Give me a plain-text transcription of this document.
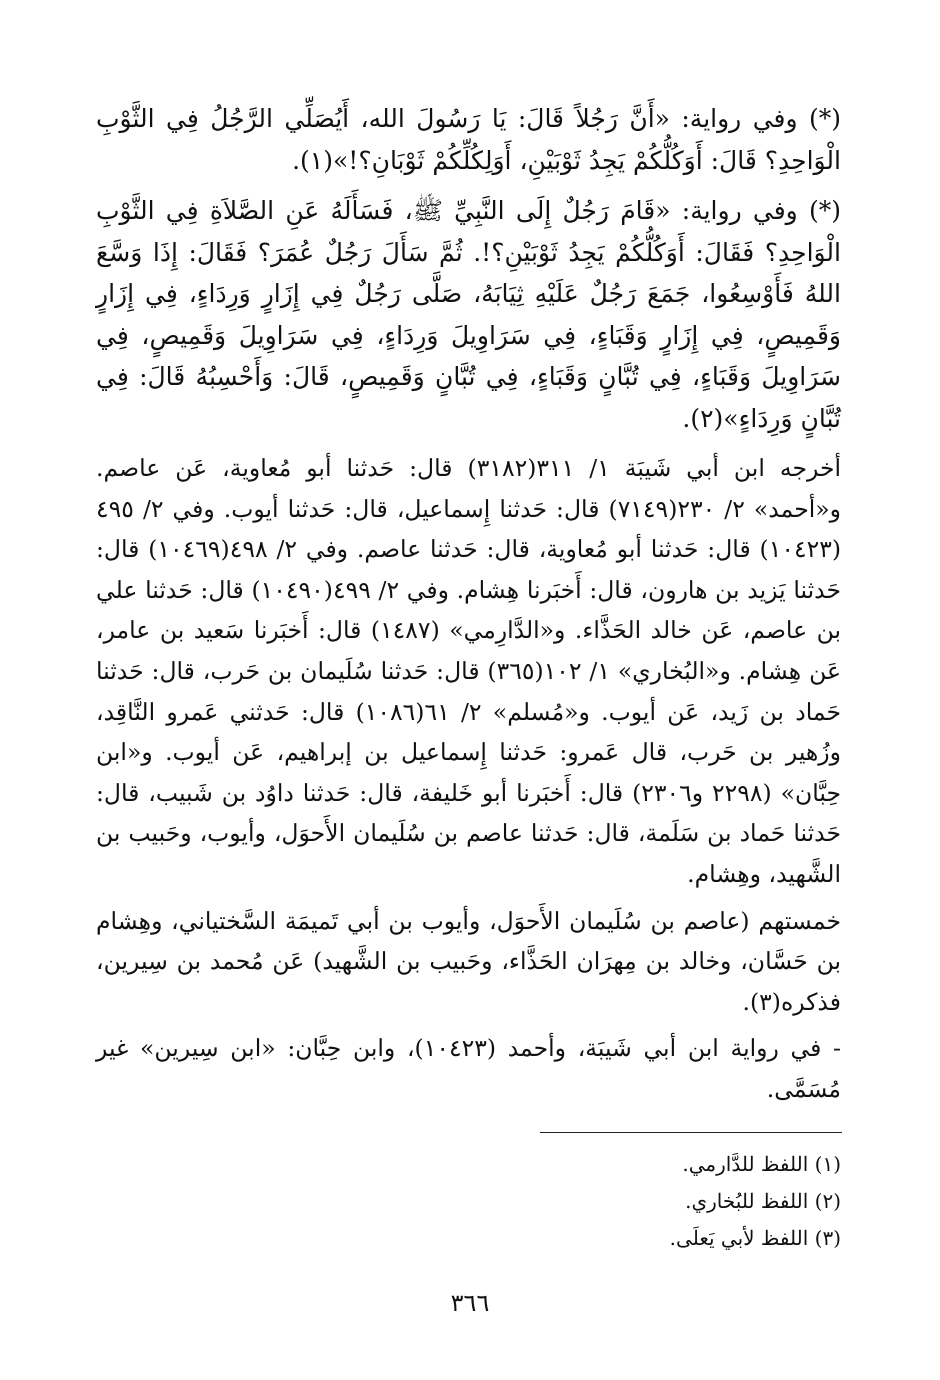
(*) وفي رواية: «أَنَّ رَجُلاً قَالَ: يَا رَسُولَ الله، أَيُصَلِّي الرَّجُلُ فِي الثَّوْبِ الْوَاحِدِ؟ قَالَ: أَوَكُلُّكُمْ يَجِدُ ثَوْبَيْنِ، أَوَلِكُلِّكُمْ ثَوْبَانِ؟!»(١).

(*) وفي رواية: «قَامَ رَجُلٌ إِلَى النَّبِيِّ ﷺ، فَسَأَلَهُ عَنِ الصَّلاَةِ فِي الثَّوْبِ الْوَاحِدِ؟ فَقَالَ: أَوَكُلُّكُمْ يَجِدُ ثَوْبَيْنِ؟!. ثُمَّ سَأَلَ رَجُلٌ عُمَرَ؟ فَقَالَ: إِذَا وَسَّعَ اللهُ فَأَوْسِعُوا، جَمَعَ رَجُلٌ عَلَيْهِ ثِيَابَهُ، صَلَّى رَجُلٌ فِي إِزَارٍ وَرِدَاءٍ، فِي إِزَارٍ وَقَمِيصٍ، فِي إِزَارٍ وَقَبَاءٍ، فِي سَرَاوِيلَ وَرِدَاءٍ، فِي سَرَاوِيلَ وَقَمِيصٍ، فِي سَرَاوِيلَ وَقَبَاءٍ، فِي تُبَّانٍ وَقَبَاءٍ، فِي تُبَّانٍ وَقَمِيصٍ، قَالَ: وَأَحْسِبُهُ قَالَ: فِي تُبَّانٍ وَرِدَاءٍ»(٢).

أخرجه ابن أبي شَيبَة ١/ ٣١١(٣١٨٢) قال: حَدثنا أبو مُعاوية، عَن عاصم. و«أحمد» ٢/ ٢٣٠(٧١٤٩) قال: حَدثنا إِسماعيل، قال: حَدثنا أيوب. وفي ٢/ ٤٩٥ (١٠٤٢٣) قال: حَدثنا أبو مُعاوية، قال: حَدثنا عاصم. وفي ٢/ ٤٩٨(١٠٤٦٩) قال: حَدثنا يَزيد بن هارون، قال: أَخبَرنا هِشام. وفي ٢/ ٤٩٩(١٠٤٩٠) قال: حَدثنا علي بن عاصم، عَن خالد الحَذَّاء. و«الدَّارِمي» (١٤٨٧) قال: أَخبَرنا سَعيد بن عامر، عَن هِشام. و«البُخاري» ١/ ١٠٢(٣٦٥) قال: حَدثنا سُلَيمان بن حَرب، قال: حَدثنا حَماد بن زَيد، عَن أيوب. و«مُسلم» ٢/ ٦١(١٠٨٦) قال: حَدثني عَمرو النَّاقِد، وزُهير بن حَرب، قال عَمرو: حَدثنا إِسماعيل بن إبراهيم، عَن أيوب. و«ابن حِبَّان» (٢٢٩٨ و٢٣٠٦) قال: أَخبَرنا أبو خَليفة، قال: حَدثنا داوُد بن شَبيب، قال: حَدثنا حَماد بن سَلَمة، قال: حَدثنا عاصم بن سُلَيمان الأَحوَل، وأيوب، وحَبيب بن الشَّهيد، وهِشام.

خمستهم (عاصم بن سُلَيمان الأَحوَل، وأيوب بن أبي تَميمَة السَّختياني، وهِشام بن حَسَّان، وخالد بن مِهرَان الحَذَّاء، وحَبيب بن الشَّهيد) عَن مُحمد بن سِيرين، فذكره(٣).

- في رواية ابن أبي شَيبَة، وأحمد (١٠٤٢٣)، وابن حِبَّان: «ابن سِيرين» غير مُسَمَّى.

(١) اللفظ للدَّارمي.
(٢) اللفظ للبُخاري.
(٣) اللفظ لأبي يَعلَى.
٣٦٦
